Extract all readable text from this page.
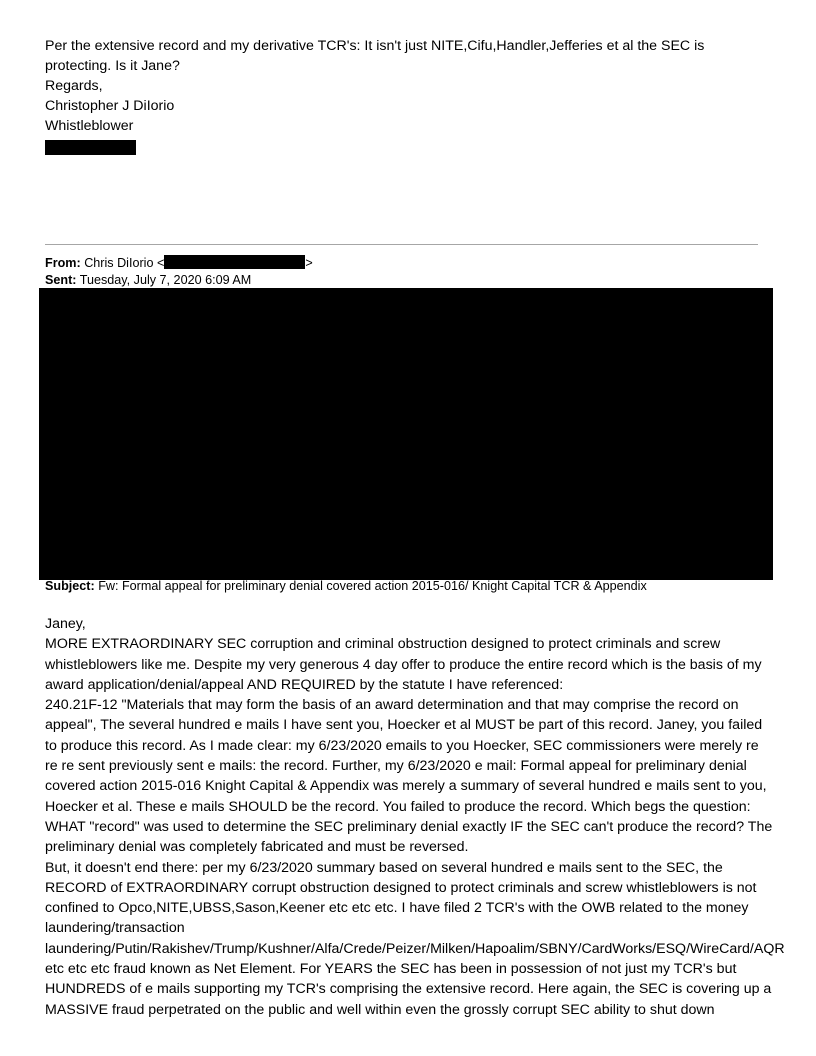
Per the extensive record and my derivative TCR's: It isn't just NITE,Cifu,Handler,Jefferies et al the SEC is protecting. Is it Jane?
Regards,
Christopher J DiIorio
Whistleblower
From: Chris DiIorio <	>
Sent: Tuesday, July 7, 2020 6:09 AM
Subject: Fw: Formal appeal for preliminary denial covered action 2015-016/ Knight Capital TCR & Appendix
Janey,
MORE EXTRAORDINARY SEC corruption and criminal obstruction designed to protect criminals and screw whistleblowers like me. Despite my very generous 4 day offer to produce the entire record which is the basis of my award application/denial/appeal AND REQUIRED by the statute I have referenced:
240.21F-12 "Materials that may form the basis of an award determination and that may comprise the record on appeal", The several hundred e mails I have sent you, Hoecker et al MUST be part of this record. Janey, you failed to produce this record. As I made clear: my 6/23/2020 emails to you Hoecker, SEC commissioners were merely re re re sent previously sent e mails: the record. Further, my 6/23/2020 e mail: Formal appeal for preliminary denial covered action 2015-016 Knight Capital & Appendix was merely a summary of several hundred e mails sent to you, Hoecker et al. These e mails SHOULD be the record. You failed to produce the record. Which begs the question: WHAT "record" was used to determine the SEC preliminary denial exactly IF the SEC can't produce the record? The preliminary denial was completely fabricated and must be reversed.
But, it doesn't end there: per my 6/23/2020 summary based on several hundred e mails sent to the SEC, the RECORD of EXTRAORDINARY corrupt obstruction designed to protect criminals and screw whistleblowers is not confined to Opco,NITE,UBSS,Sason,Keener etc etc etc. I have filed 2 TCR's with the OWB related to the money laundering/transaction laundering/Putin/Rakishev/Trump/Kushner/Alfa/Crede/Peizer/Milken/Hapoalim/SBNY/CardWorks/ESQ/WireCard/AQR etc etc etc fraud known as Net Element. For YEARS the SEC has been in possession of not just my TCR's but HUNDREDS of e mails supporting my TCR's comprising the extensive record. Here again, the SEC is covering up a MASSIVE fraud perpetrated on the public and well within even the grossly corrupt SEC ability to shut down
